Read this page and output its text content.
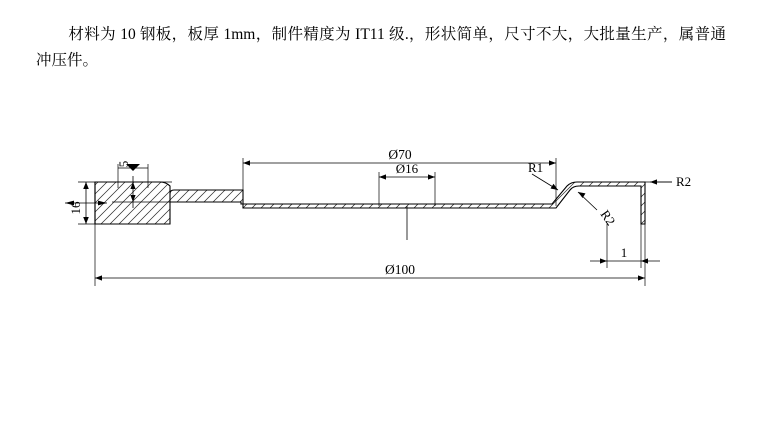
材料为 10 钢板，板厚 1mm，制件精度为 IT11 级.，形状简单，尺寸不大，大批量生产，属普通冲压件。
16
5
Ø70
Ø16
Ø100
1
R1
R2
R2
